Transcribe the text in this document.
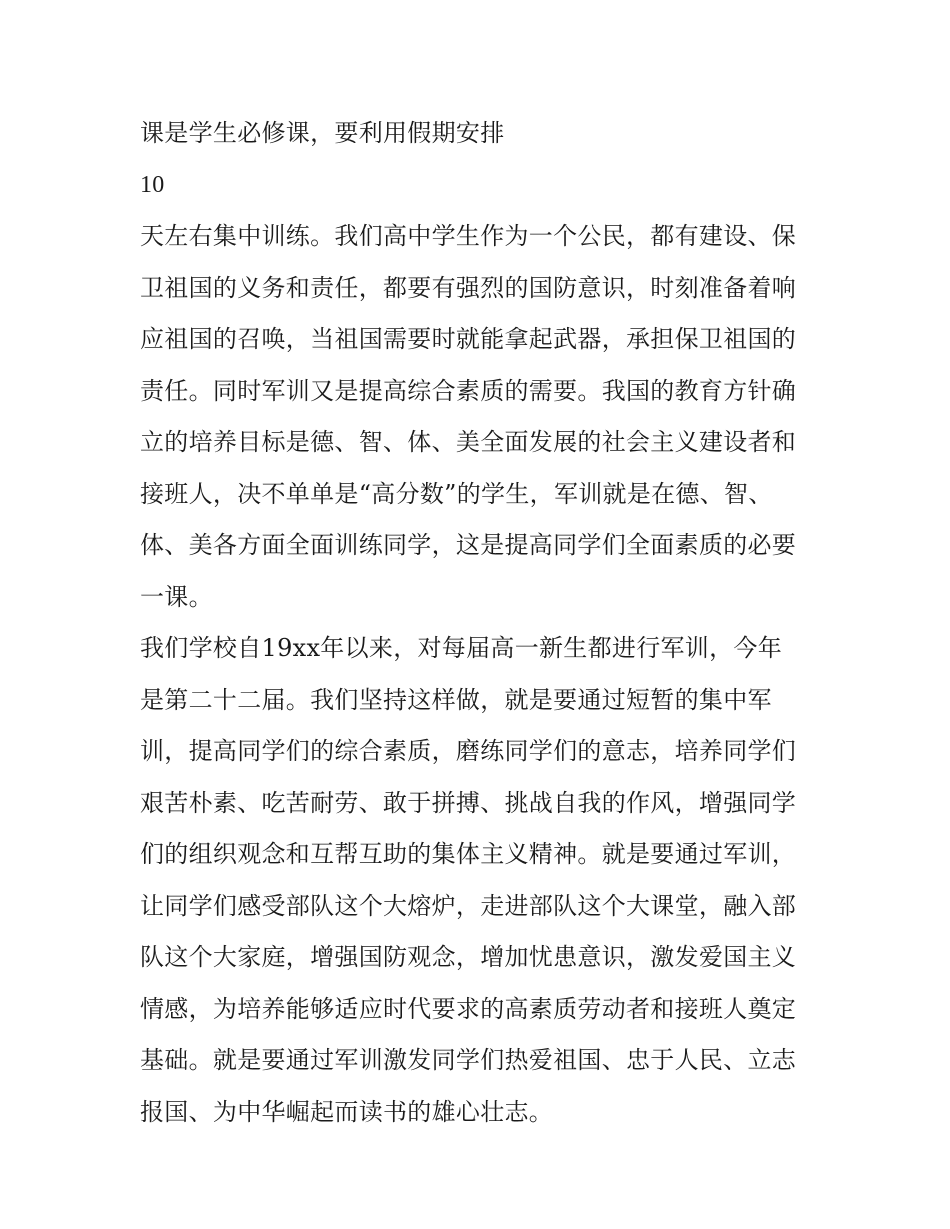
课是学生必修课，要利用假期安排

10

天左右集中训练。我们高中学生作为一个公民，都有建设、保

卫祖国的义务和责任，都要有强烈的国防意识，时刻准备着响

应祖国的召唤，当祖国需要时就能拿起武器，承担保卫祖国的

责任。同时军训又是提高综合素质的需要。我国的教育方针确

立的培养目标是德、智、体、美全面发展的社会主义建设者和

接班人，决不单单是“高分数”的学生，军训就是在德、智、

体、美各方面全面训练同学，这是提高同学们全面素质的必要

一课。

我们学校自19xx年以来，对每届高一新生都进行军训，今年

是第二十二届。我们坚持这样做，就是要通过短暂的集中军

训，提高同学们的综合素质，磨练同学们的意志，培养同学们

艰苦朴素、吃苦耐劳、敢于拼搏、挑战自我的作风，增强同学

们的组织观念和互帮互助的集体主义精神。就是要通过军训，

让同学们感受部队这个大熔炉，走进部队这个大课堂，融入部

队这个大家庭，增强国防观念，增加忧患意识，激发爱国主义

情感，为培养能够适应时代要求的高素质劳动者和接班人奠定

基础。就是要通过军训激发同学们热爱祖国、忠于人民、立志

报国、为中华崛起而读书的雄心壮志。
